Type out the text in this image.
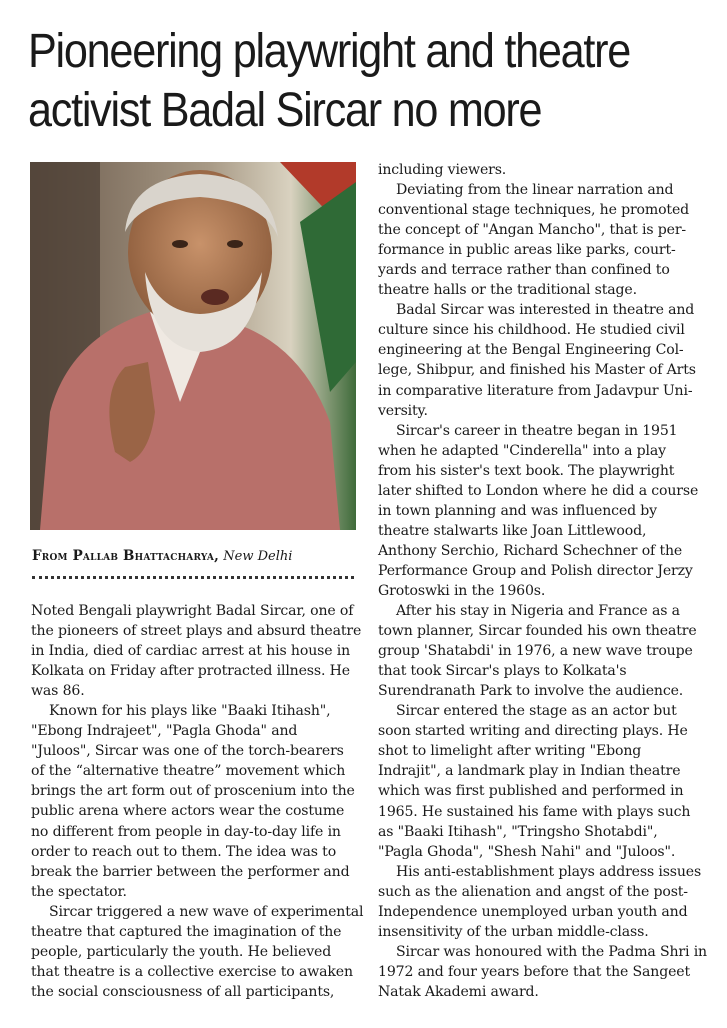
Pioneering playwright and theatre
activist Badal Sircar no more
From Pallab Bhattacharya, New Delhi
Noted Bengali playwright Badal Sircar, one of
the pioneers of street plays and absurd theatre
in India, died of cardiac arrest at his house in
Kolkata on Friday after protracted illness. He
was 86.
Known for his plays like "Baaki Itihash",
"Ebong Indrajeet", "Pagla Ghoda" and
"Juloos", Sircar was one of the torch-bearers
of the “alternative theatre” movement which
brings the art form out of proscenium into the
public arena where actors wear the costume
no different from people in day-to-day life in
order to reach out to them. The idea was to
break the barrier between the performer and
the spectator.
Sircar triggered a new wave of experimental
theatre that captured the imagination of the
people, particularly the youth. He believed
that theatre is a collective exercise to awaken
the social consciousness of all participants,
including viewers.
Deviating from the linear narration and
conventional stage techniques, he promoted
the concept of "Angan Mancho", that is per-
formance in public areas like parks, court-
yards and terrace rather than confined to
theatre halls or the traditional stage.
Badal Sircar was interested in theatre and
culture since his childhood. He studied civil
engineering at the Bengal Engineering Col-
lege, Shibpur, and finished his Master of Arts
in comparative literature from Jadavpur Uni-
versity.
Sircar's career in theatre began in 1951
when he adapted "Cinderella" into a play
from his sister's text book. The playwright
later shifted to London where he did a course
in town planning and was influenced by
theatre stalwarts like Joan Littlewood,
Anthony Serchio, Richard Schechner of the
Performance Group and Polish director Jerzy
Grotoswki in the 1960s.
After his stay in Nigeria and France as a
town planner, Sircar founded his own theatre
group 'Shatabdi' in 1976, a new wave troupe
that took Sircar's plays to Kolkata's
Surendranath Park to involve the audience.
Sircar entered the stage as an actor but
soon started writing and directing plays. He
shot to limelight after writing "Ebong
Indrajit", a landmark play in Indian theatre
which was first published and performed in
1965. He sustained his fame with plays such
as "Baaki Itihash", "Tringsho Shotabdi",
"Pagla Ghoda", "Shesh Nahi" and "Juloos".
His anti-establishment plays address issues
such as the alienation and angst of the post-
Independence unemployed urban youth and
insensitivity of the urban middle-class.
Sircar was honoured with the Padma Shri in
1972 and four years before that the Sangeet
Natak Akademi award.
